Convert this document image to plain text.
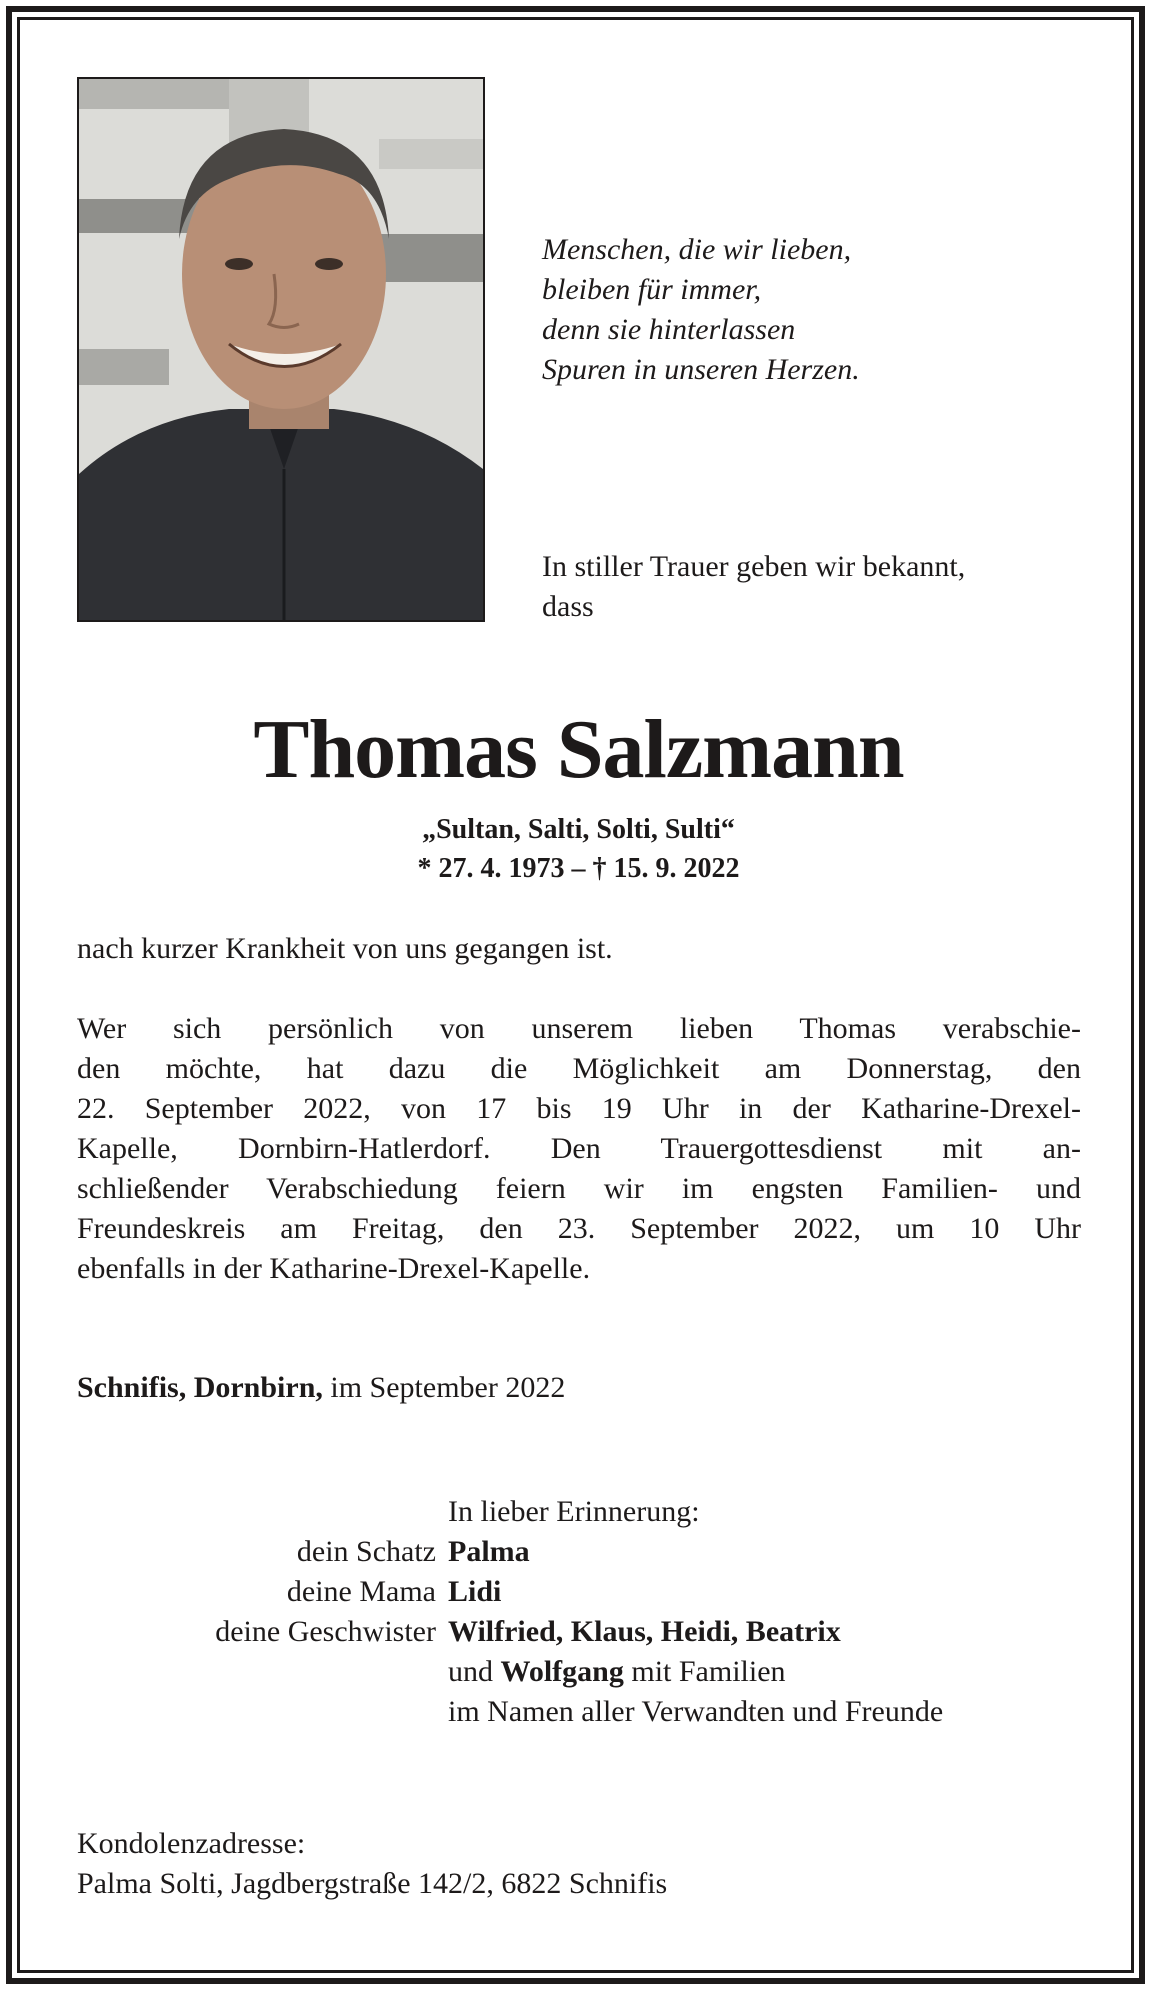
Menschen, die wir lieben,
bleiben für immer,
denn sie hinterlassen
Spuren in unseren Herzen.
In stiller Trauer geben wir bekannt,
dass
Thomas Salzmann
„Sultan, Salti, Solti, Sulti“
* 27. 4. 1973 – † 15. 9. 2022
nach kurzer Krankheit von uns gegangen ist.
Wer sich persönlich von unserem lieben Thomas verabschie-
den möchte, hat dazu die Möglichkeit am Donnerstag, den
22. September 2022, von 17 bis 19 Uhr in der Katharine-Drexel-
Kapelle, Dornbirn-Hatlerdorf. Den Trauergottesdienst mit an-
schließender Verabschiedung feiern wir im engsten Familien- und
Freundeskreis am Freitag, den 23. September 2022, um 10 Uhr
ebenfalls in der Katharine-Drexel-Kapelle.
Schnifis, Dornbirn, im September 2022
In lieber Erinnerung:
dein Schatz Palma
deine Mama Lidi
deine Geschwister Wilfried, Klaus, Heidi, Beatrix
und Wolfgang mit Familien
im Namen aller Verwandten und Freunde
Kondolenzadresse:
Palma Solti, Jagdbergstraße 142/2, 6822 Schnifis
